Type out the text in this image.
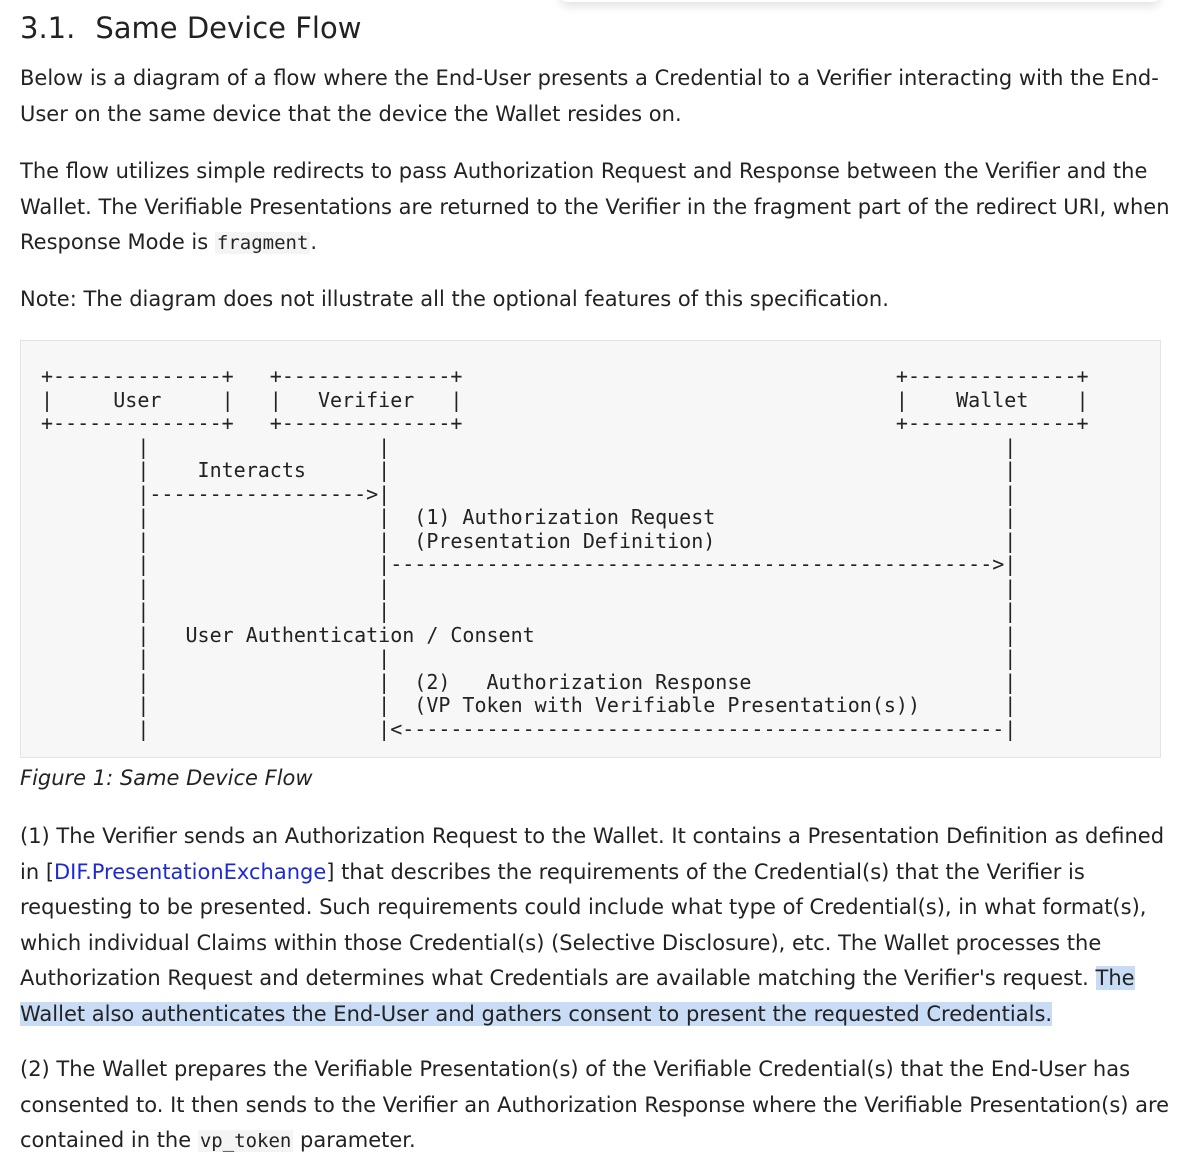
3.1. Same Device Flow

Below is a diagram of a flow where the End-User presents a Credential to a Verifier interacting with the End-User on the same device that the device the Wallet resides on.

The flow utilizes simple redirects to pass Authorization Request and Response between the Verifier and the Wallet. The Verifiable Presentations are returned to the Verifier in the fragment part of the redirect URI, when Response Mode is fragment.

Note: The diagram does not illustrate all the optional features of this specification.

+--------------+   +--------------+                                    +--------------+
|     User     |   |   Verifier   |                                    |    Wallet    |
+--------------+   +--------------+                                    +--------------+
|                   |                                                   |
|    Interacts      |                                                   |
|------------------>|                                                   |
|                   |  (1) Authorization Request                        |
|                   |  (Presentation Definition)                        |
|                   |-------------------------------------------------->|
|                   |                                                   |
|                   |                                                   |
|   User Authentication / Consent                                       |
|                   |                                                   |
|                   |  (2)   Authorization Response                     |
|                   |  (VP Token with Verifiable Presentation(s))       |
|                   |<--------------------------------------------------|
Figure 1: Same Device Flow

(1) The Verifier sends an Authorization Request to the Wallet. It contains a Presentation Definition as defined in [DIF.PresentationExchange] that describes the requirements of the Credential(s) that the Verifier is requesting to be presented. Such requirements could include what type of Credential(s), in what format(s), which individual Claims within those Credential(s) (Selective Disclosure), etc. The Wallet processes the Authorization Request and determines what Credentials are available matching the Verifier's request. The Wallet also authenticates the End-User and gathers consent to present the requested Credentials.

(2) The Wallet prepares the Verifiable Presentation(s) of the Verifiable Credential(s) that the End-User has consented to. It then sends to the Verifier an Authorization Response where the Verifiable Presentation(s) are contained in the vp_token parameter.
